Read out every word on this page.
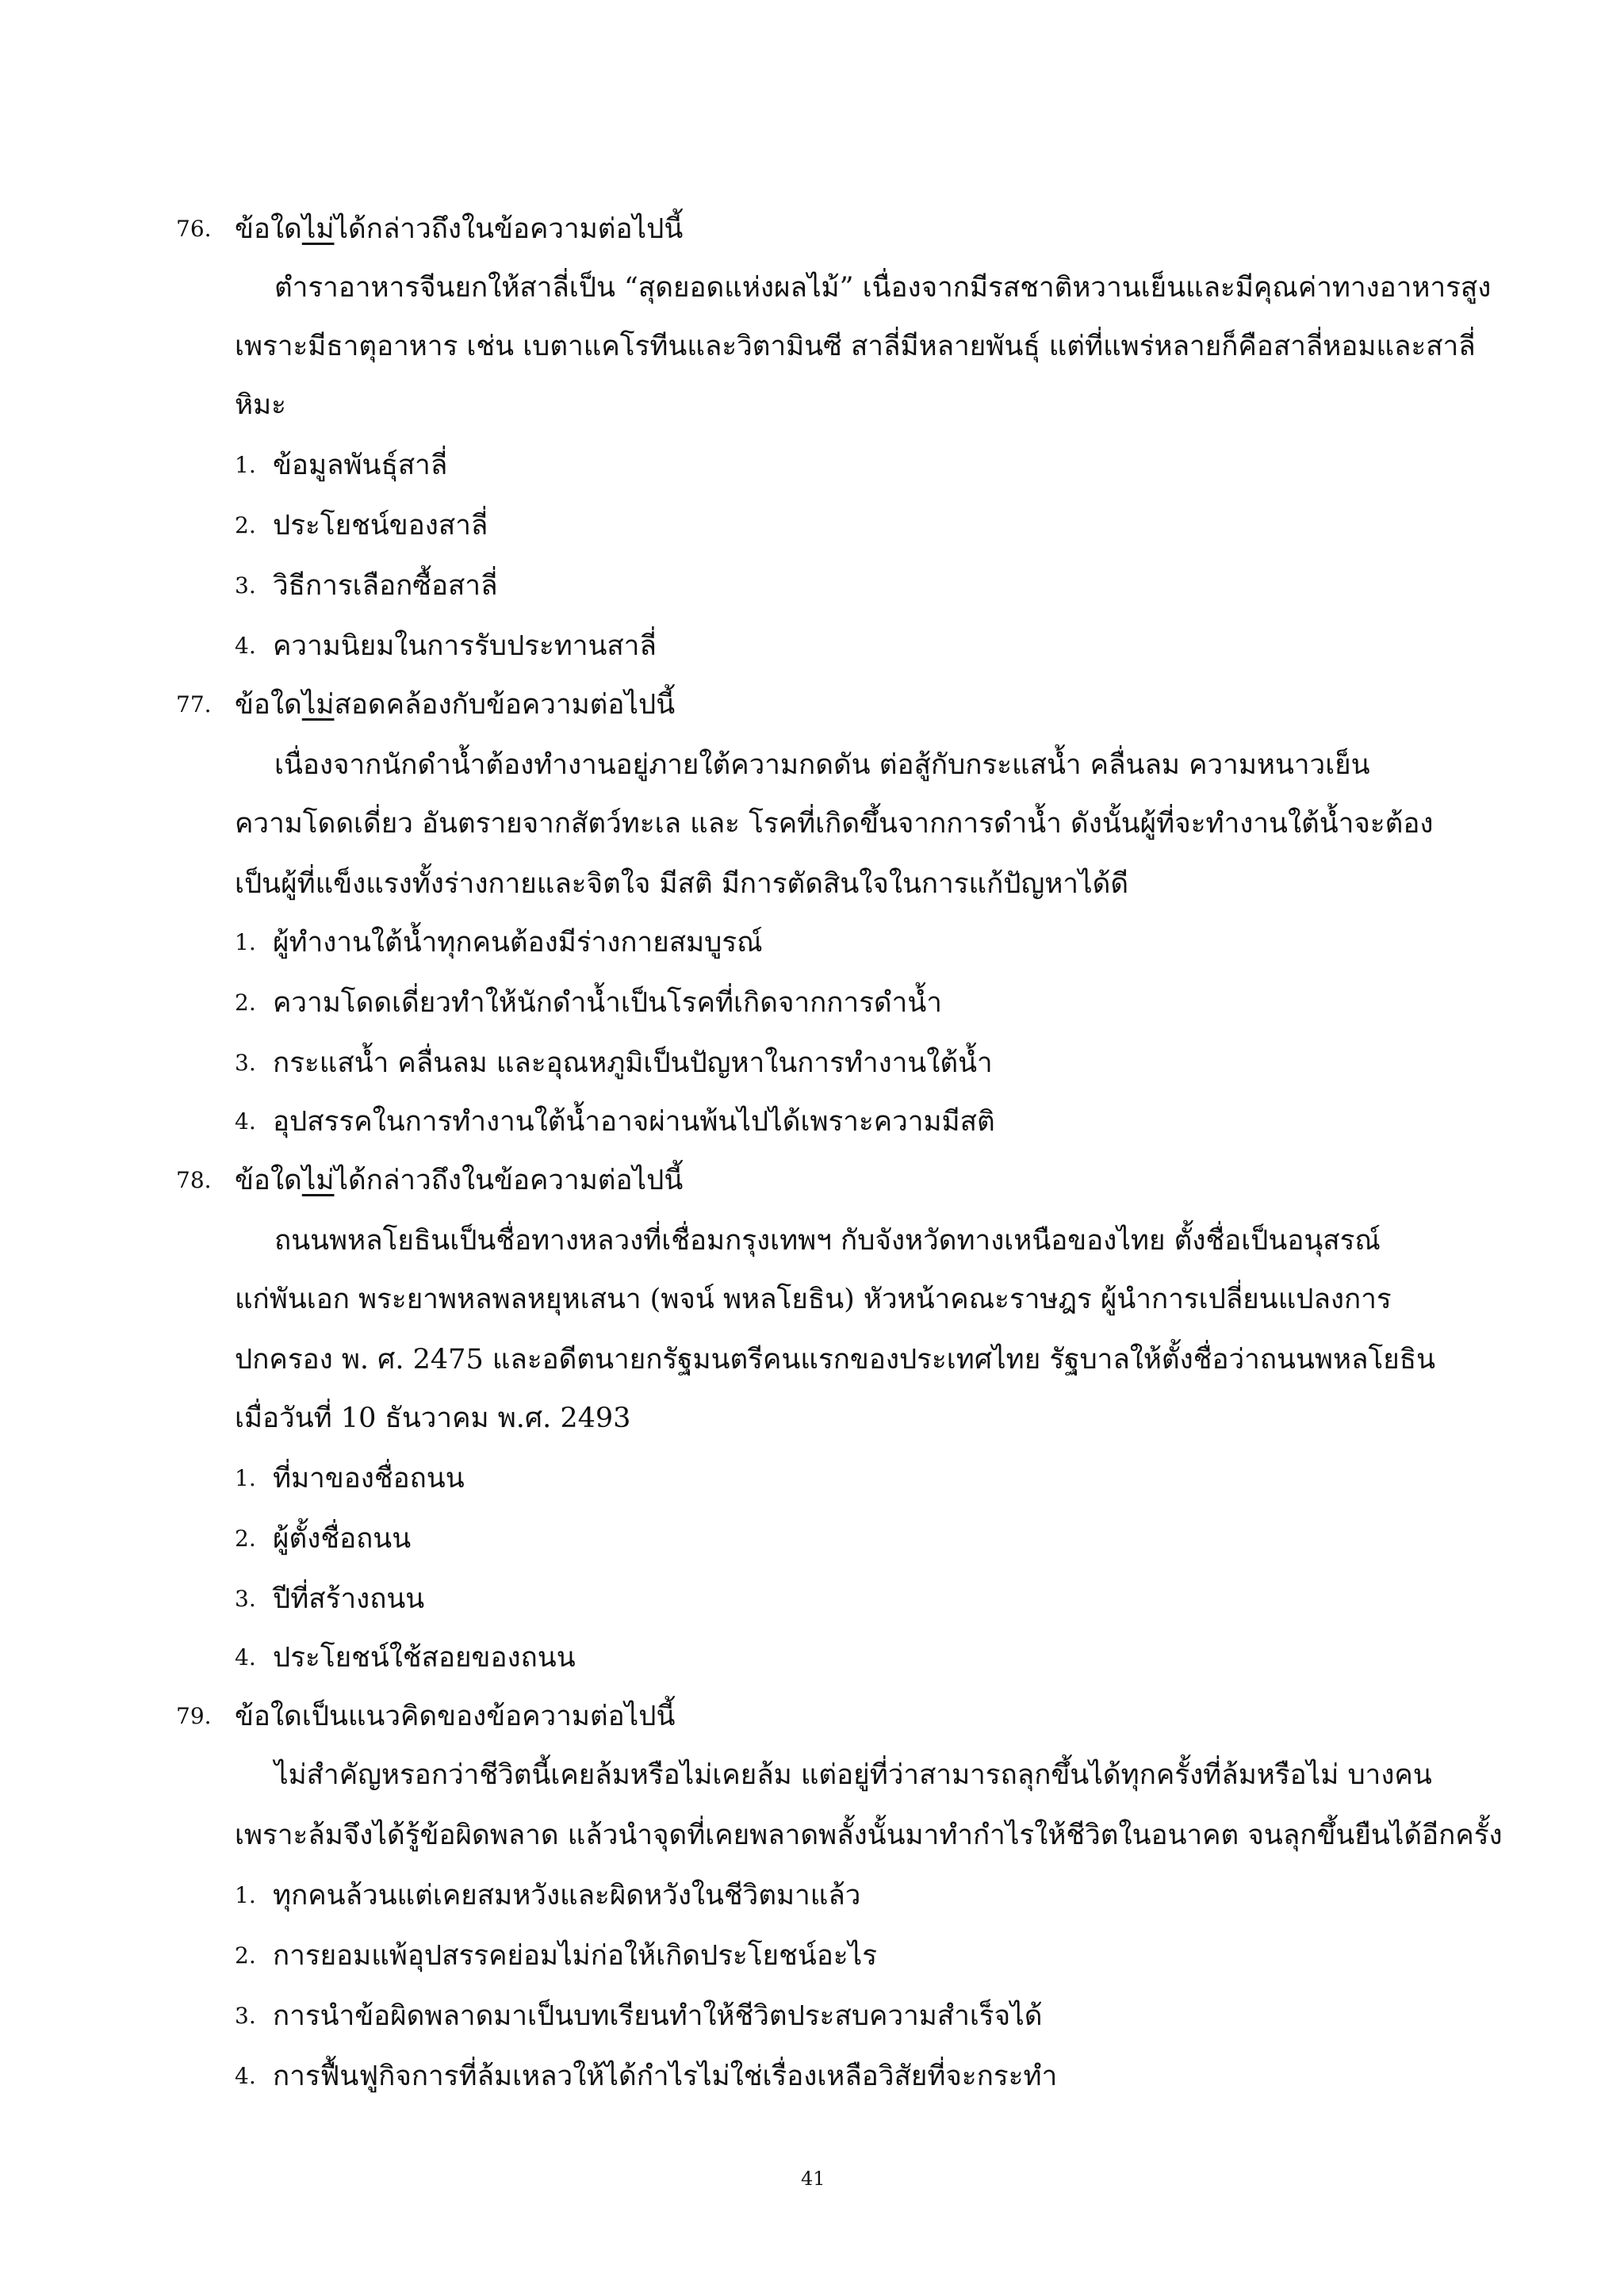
76. ข้อใดไม่ได้กล่าวถึงในข้อความต่อไปนี้
ตำราอาหารจีนยกให้สาลี่เป็น “สุดยอดแห่งผลไม้” เนื่องจากมีรสชาติหวานเย็นและมีคุณค่าทางอาหารสูง
เพราะมีธาตุอาหาร เช่น เบตาแคโรทีนและวิตามินซี สาลี่มีหลายพันธุ์ แต่ที่แพร่หลายก็คือสาลี่หอมและสาลี่
หิมะ
1. ข้อมูลพันธุ์สาลี่
2. ประโยชน์ของสาลี่
3. วิธีการเลือกซื้อสาลี่
4. ความนิยมในการรับประทานสาลี่
77. ข้อใดไม่สอดคล้องกับข้อความต่อไปนี้
เนื่องจากนักดำน้ำต้องทำงานอยู่ภายใต้ความกดดัน ต่อสู้กับกระแสน้ำ คลื่นลม ความหนาวเย็น
ความโดดเดี่ยว อันตรายจากสัตว์ทะเล และ โรคที่เกิดขึ้นจากการดำน้ำ ดังนั้นผู้ที่จะทำงานใต้น้ำจะต้อง
เป็นผู้ที่แข็งแรงทั้งร่างกายและจิตใจ มีสติ มีการตัดสินใจในการแก้ปัญหาได้ดี
1. ผู้ทำงานใต้น้ำทุกคนต้องมีร่างกายสมบูรณ์
2. ความโดดเดี่ยวทำให้นักดำน้ำเป็นโรคที่เกิดจากการดำน้ำ
3. กระแสน้ำ คลื่นลม และอุณหภูมิเป็นปัญหาในการทำงานใต้น้ำ
4. อุปสรรคในการทำงานใต้น้ำอาจผ่านพ้นไปได้เพราะความมีสติ
78. ข้อใดไม่ได้กล่าวถึงในข้อความต่อไปนี้
ถนนพหลโยธินเป็นชื่อทางหลวงที่เชื่อมกรุงเทพฯ กับจังหวัดทางเหนือของไทย ตั้งชื่อเป็นอนุสรณ์
แก่พันเอก พระยาพหลพลหยุหเสนา (พจน์ พหลโยธิน) หัวหน้าคณะราษฎร ผู้นำการเปลี่ยนแปลงการ
ปกครอง พ. ศ. 2475 และอดีตนายกรัฐมนตรีคนแรกของประเทศไทย รัฐบาลให้ตั้งชื่อว่าถนนพหลโยธิน
เมื่อวันที่ 10 ธันวาคม พ.ศ. 2493
1. ที่มาของชื่อถนน
2. ผู้ตั้งชื่อถนน
3. ปีที่สร้างถนน
4. ประโยชน์ใช้สอยของถนน
79. ข้อใดเป็นแนวคิดของข้อความต่อไปนี้
ไม่สำคัญหรอกว่าชีวิตนี้เคยล้มหรือไม่เคยล้ม แต่อยู่ที่ว่าสามารถลุกขึ้นได้ทุกครั้งที่ล้มหรือไม่ บางคน
เพราะล้มจึงได้รู้ข้อผิดพลาด แล้วนำจุดที่เคยพลาดพลั้งนั้นมาทำกำไรให้ชีวิตในอนาคต จนลุกขึ้นยืนได้อีกครั้ง
1. ทุกคนล้วนแต่เคยสมหวังและผิดหวังในชีวิตมาแล้ว
2. การยอมแพ้อุปสรรคย่อมไม่ก่อให้เกิดประโยชน์อะไร
3. การนำข้อผิดพลาดมาเป็นบทเรียนทำให้ชีวิตประสบความสำเร็จได้
4. การฟื้นฟูกิจการที่ล้มเหลวให้ได้กำไรไม่ใช่เรื่องเหลือวิสัยที่จะกระทำ
41
